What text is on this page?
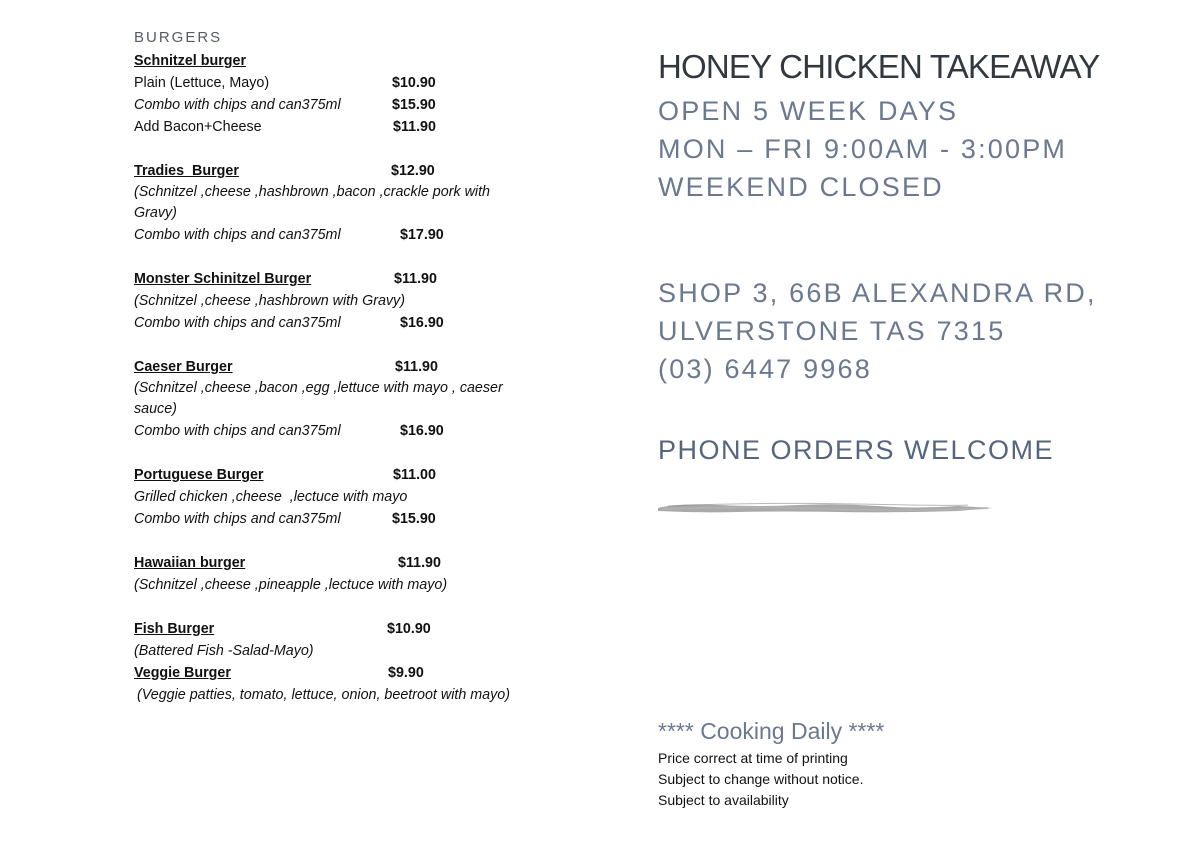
BURGERS
Schnitzel burger
Plain (Lettuce, Mayo)	$10.90
Combo with chips and can375ml	$15.90
Add Bacon+Cheese	$11.90
Tradies  Burger	$12.90
(Schnitzel ,cheese ,hashbrown ,bacon ,crackle pork with Gravy)
Combo with chips and can375ml	$17.90
Monster Schinitzel Burger	$11.90
(Schnitzel ,cheese ,hashbrown with Gravy)
Combo with chips and can375ml	$16.90
Caeser Burger	$11.90
(Schnitzel ,cheese ,bacon ,egg ,lettuce with mayo , caeser sauce)
Combo with chips and can375ml	$16.90
Portuguese Burger	$11.00
Grilled chicken ,cheese  ,lectuce with mayo
Combo with chips and can375ml	$15.90
Hawaiian burger	$11.90
(Schnitzel ,cheese ,pineapple ,lectuce with mayo)
Fish Burger	$10.90
(Battered Fish -Salad-Mayo)
Veggie Burger	$9.90
(Veggie patties, tomato, lettuce, onion, beetroot with mayo)
HONEY CHICKEN TAKEAWAY
OPEN 5 WEEK DAYS
MON – FRI 9:00AM - 3:00PM
WEEKEND CLOSED
SHOP 3, 66B ALEXANDRA RD,
ULVERSTONE TAS 7315
(03) 6447 9968
PHONE ORDERS WELCOME
**** Cooking Daily ****
Price correct at time of printing
Subject to change without notice.
Subject to availability
